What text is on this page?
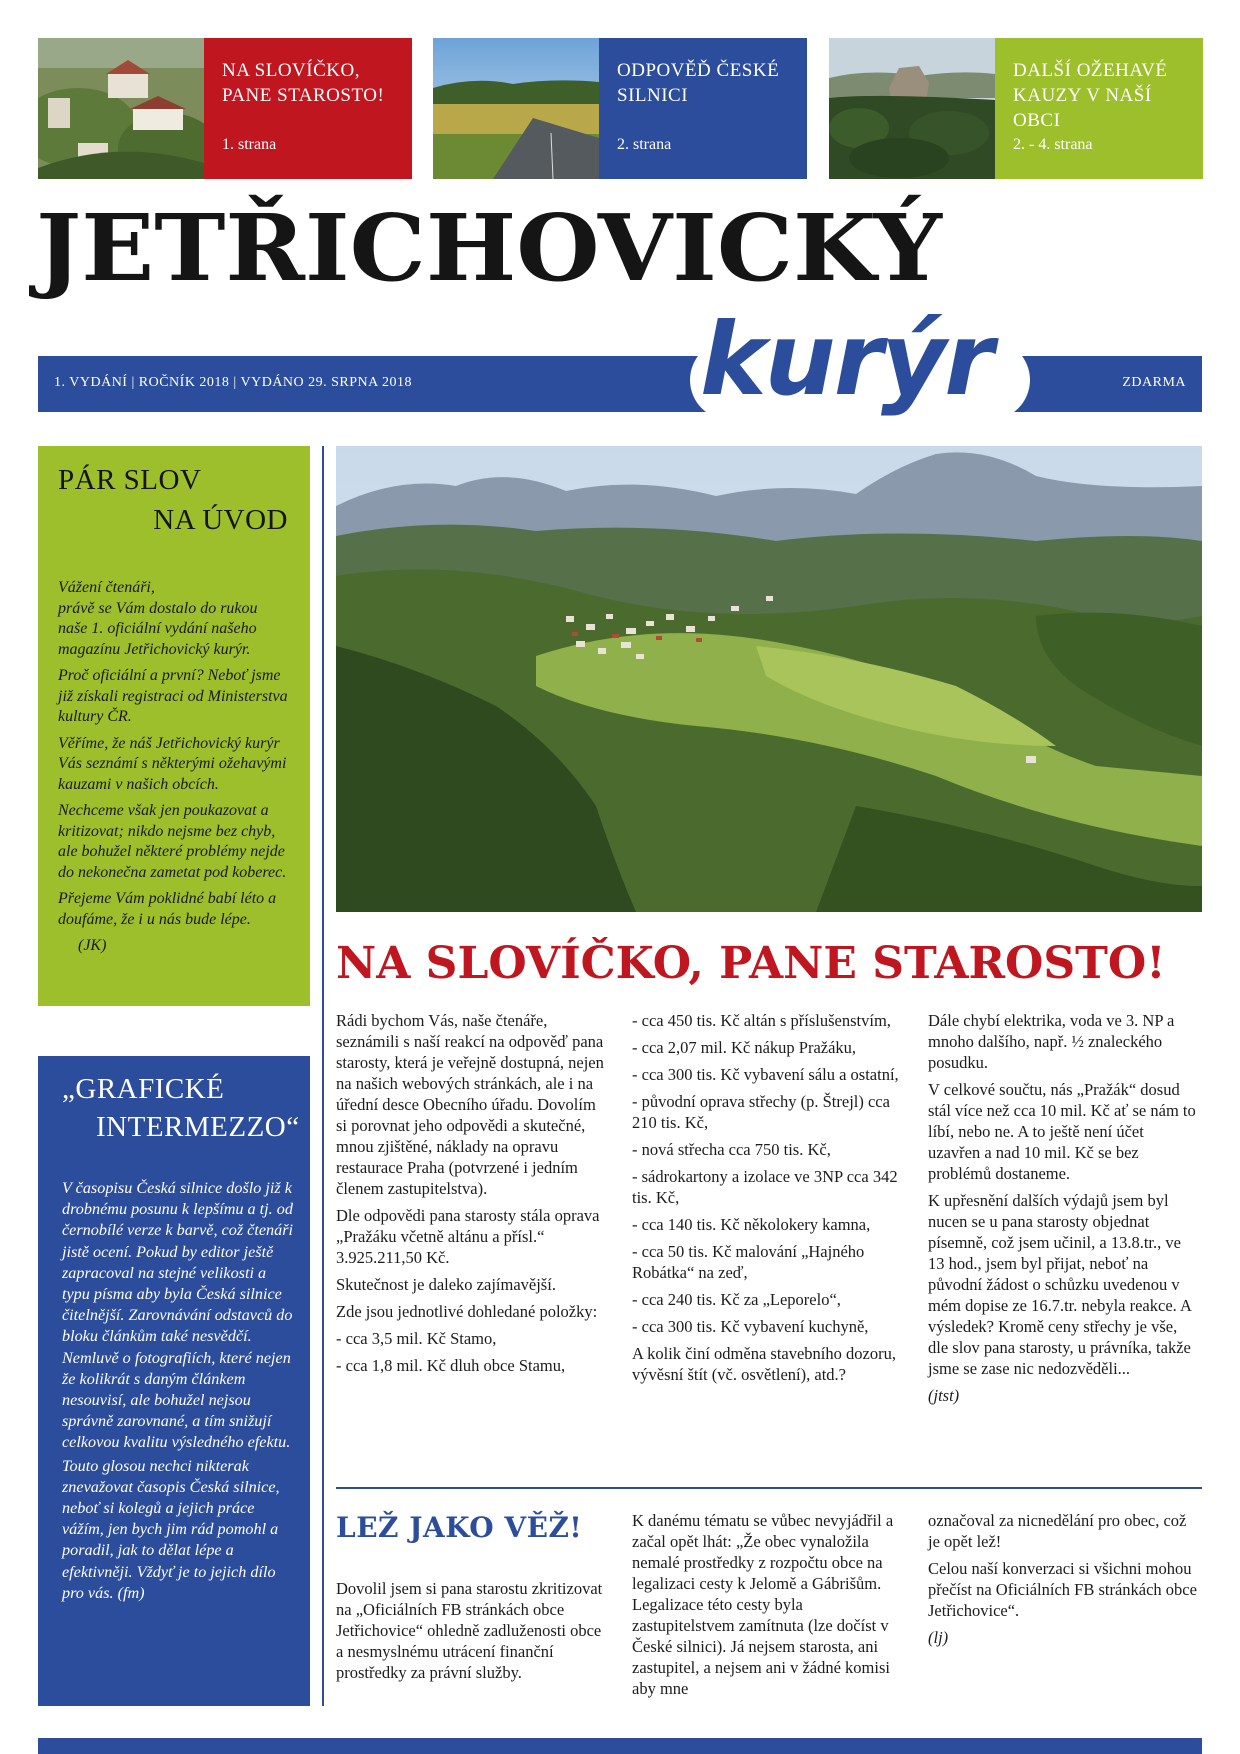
NA SLOVÍČKO, PANE STAROSTO!
1. strana
ODPOVĚĎ ČESKÉ SILNICI
2. strana
DALŠÍ OŽEHAVÉ KAUZY V NAŠÍ OBCI
2. - 4. strana
JETŘICHOVICKÝ
1. VYDÁNÍ | ROČNÍK 2018 | VYDÁNO 29. SRPNA 2018	ZDARMA
kurýr
PÁR SLOV
NA ÚVOD

Vážení čtenáři,

právě se Vám dostalo do rukou naše 1. oficiální vydání našeho magazínu Jetřichovický kurýr.

Proč oficiální a první? Neboť jsme již získali registraci od Ministerstva kultury ČR.

Věříme, že náš Jetřichovický kurýr Vás seznámí s některými ožehavými kauzami v našich obcích.

Nechceme však jen poukazovat a kritizovat; nikdo nejsme bez chyb, ale bohužel některé problémy nejde do nekonečna zametat pod koberec.

Přejeme Vám poklidné babí léto a doufáme, že i u nás bude lépe.

(JK)

„GRAFICKÉ
INTERMEZZO“

V časopisu Česká silnice došlo již k drobnému posunu k lepšímu a tj. od černobílé verze k barvě, což čtenáři jistě ocení. Pokud by editor ještě zapracoval na stejné velikosti a typu písma aby byla Česká silnice čitelnější. Zarovnávání odstavců do bloku článkům také nesvědčí. Nemluvě o fotografiích, které nejen že kolikrát s daným článkem nesouvisí, ale bohužel nejsou správně zarovnané, a tím snižují celkovou kvalitu výsledného efektu.

Touto glosou nechci nikterak znevažovat časopis Česká silnice, neboť si kolegů a jejich práce vážím, jen bych jim rád pomohl a poradil, jak to dělat lépe a efektivněji. Vždyť je to jejich dílo pro vás. (fm)

NA SLOVÍČKO, PANE STAROSTO!

Rádi bychom Vás, naše čtenáře, seznámili s naší reakcí na odpověď pana starosty, která je veřejně dostupná, nejen na našich webových stránkách, ale i na úřední desce Obecního úřadu. Dovolím si porovnat jeho odpovědi a skutečné, mnou zjištěné, náklady na opravu restaurace Praha (potvrzené i jedním členem zastupitelstva).

Dle odpovědi pana starosty stála oprava „Pražáku včetně altánu a přísl.“ 3.925.211,50 Kč.

Skutečnost je daleko zajímavější.

Zde jsou jednotlivé dohledané položky:

- cca 3,5 mil. Kč Stamo,

- cca 1,8 mil. Kč dluh obce Stamu,

- cca 450 tis. Kč altán s příslušenstvím,

- cca 2,07 mil. Kč nákup Pražáku,

- cca 300 tis. Kč vybavení sálu a ostatní,

- původní oprava střechy (p. Štrejl) cca 210 tis. Kč,

- nová střecha cca 750 tis. Kč,

- sádrokartony a izolace ve 3NP cca 342 tis. Kč,

- cca 140 tis. Kč několokery kamna,

- cca 50 tis. Kč malování „Hajného Robátka“ na zeď,

- cca 240 tis. Kč za „Leporelo“,

- cca 300 tis. Kč vybavení kuchyně,

A kolik činí odměna stavebního dozoru, vývěsní štít (vč. osvětlení), atd.?

Dále chybí elektrika, voda ve 3. NP a mnoho dalšího, např. ½ znaleckého posudku.

V celkové součtu, nás „Pražák“ dosud stál více než cca 10 mil. Kč ať se nám to líbí, nebo ne. A to ještě není účet uzavřen a nad 10 mil. Kč se bez problémů dostaneme.

K upřesnění dalších výdajů jsem byl nucen se u pana starosty objednat písemně, což jsem učinil, a 13.8.tr., ve 13 hod., jsem byl přijat, neboť na původní žádost o schůzku uvedenou v mém dopise ze 16.7.tr. nebyla reakce. A výsledek? Kromě ceny střechy je vše, dle slov pana starosty, u právníka, takže jsme se zase nic nedozvěděli...

(jtst)

LEŽ JAKO VĚŽ!

Dovolil jsem si pana starostu zkritizovat na „Oficiálních FB stránkách obce Jetřichovice“ ohledně zadluženosti obce a nesmyslnému utrácení finanční prostředky za právní služby.

K danému tématu se vůbec nevyjádřil a začal opět lhát: „Že obec vynaložila nemalé prostředky z rozpočtu obce na legalizaci cesty k Jelomě a Gábrišům. Legalizace této cesty byla zastupitelstvem zamítnuta (lze dočíst v České silnici). Já nejsem starosta, ani zastupitel, a nejsem ani v žádné komisi aby mne

označoval za nicnedělání pro obec, což je opět lež!

Celou naší konverzaci si všichni mohou přečíst na Oficiálních FB stránkách obce Jetřichovice“.

(lj)
